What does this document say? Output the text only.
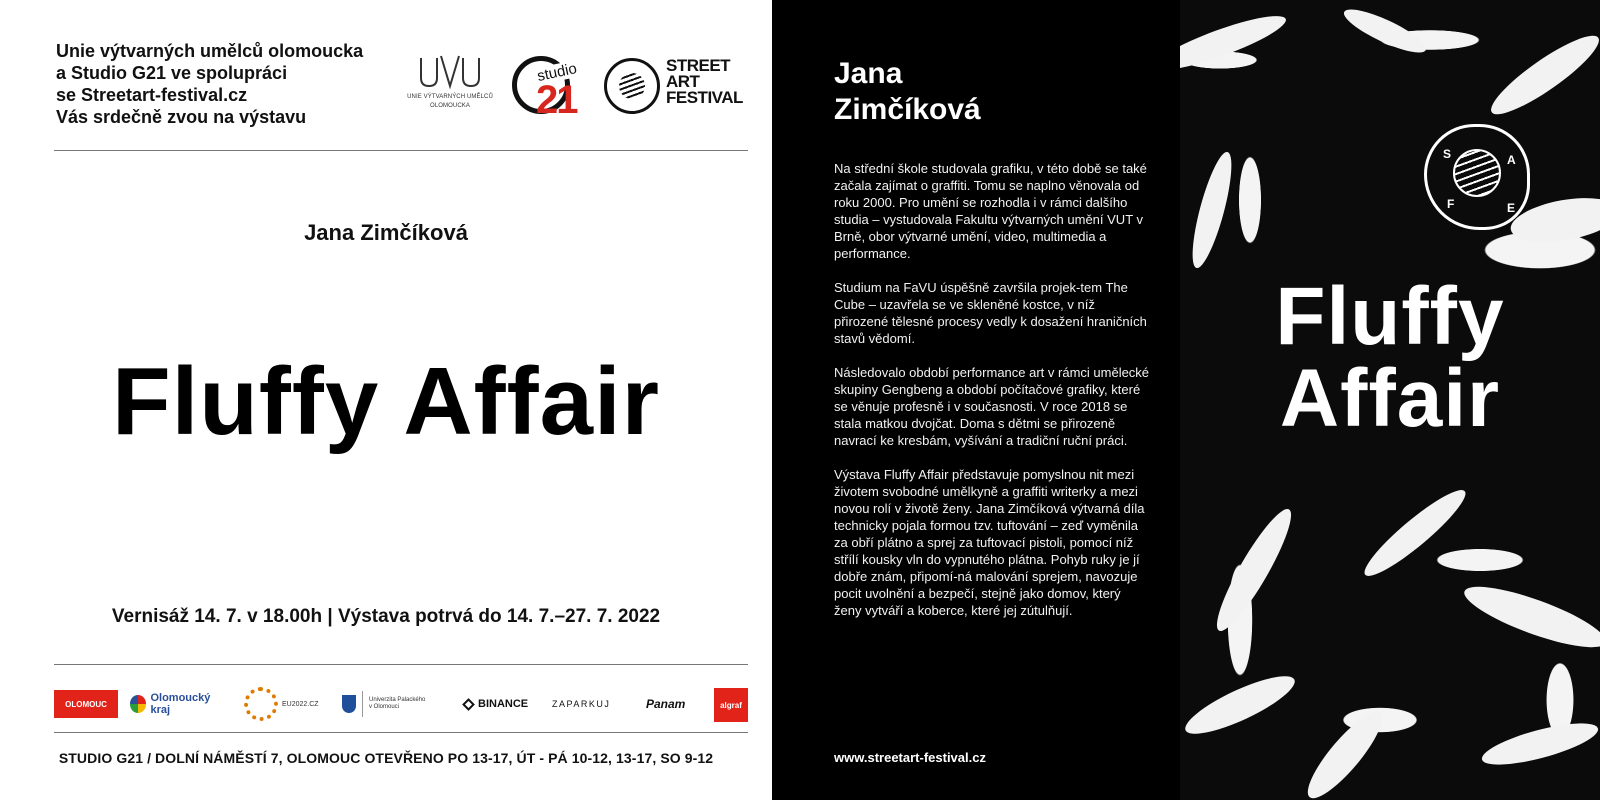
Unie výtvarných umělců olomoucka
a Studio G21 ve spolupráci
se Streetart-festival.cz
Vás srdečně zvou na výstavu
UNIE VÝTVARNÝCH UMĚLCŮ
OLOMOUCKA
studio
21
STREET
ART
FESTIVAL
Jana Zimčíková
Fluffy Affair
Vernisáž 14. 7. v 18.00h | Výstava potrvá do 14. 7.–27. 7. 2022
OLOMOUC	Olomoucký kraj	EU2022.CZ
Univerzita Palackého
v Olomouci	BINANCE	ZAPARKUJ	Panam	algraf
STUDIO G21 / DOLNÍ NÁMĚSTÍ 7, OLOMOUC OTEVŘENO PO 13-17, ÚT - PÁ 10-12, 13-17, SO 9-12
Jana
Zimčíková

Na střední škole studovala grafiku, v této době se také začala zajímat o graffiti. Tomu se naplno věnovala od roku 2000. Pro umění se rozhodla i v rámci dalšího studia – vystudovala Fakultu výtvarných umění VUT v Brně, obor výtvarné umění, video, multimedia a performance.

Studium na FaVU úspěšně završila projek-tem The Cube – uzavřela se ve skleněné kostce, v níž přirozené tělesné procesy vedly k dosažení hraničních stavů vědomí.

Následovalo období performance art v rámci umělecké skupiny Gengbeng a období počítačové grafiky, které se věnuje profesně i v současnosti. V roce 2018 se stala matkou dvojčat. Doma s dětmi se přirozeně navrací ke kresbám, vyšívání a tradiční ruční práci.

Výstava Fluffy Affair představuje pomyslnou nit mezi životem svobodné umělkyně a graffiti writerky a mezi novou rolí v životě ženy. Jana Zimčíková výtvarná díla technicky pojala formou tzv. tuftování – zeď vyměnila za obří plátno a sprej za tuftovací pistoli, pomocí níž střílí kousky vln do vypnutého plátna. Pohyb ruky je jí dobře znám, připomí-ná malování sprejem, navozuje pocit uvolnění a bezpečí, stejně jako domov, který ženy vytváří a koberce, které jej zútulňují.

www.streetart-festival.cz
S	A
F	E
Fluffy
Affair
